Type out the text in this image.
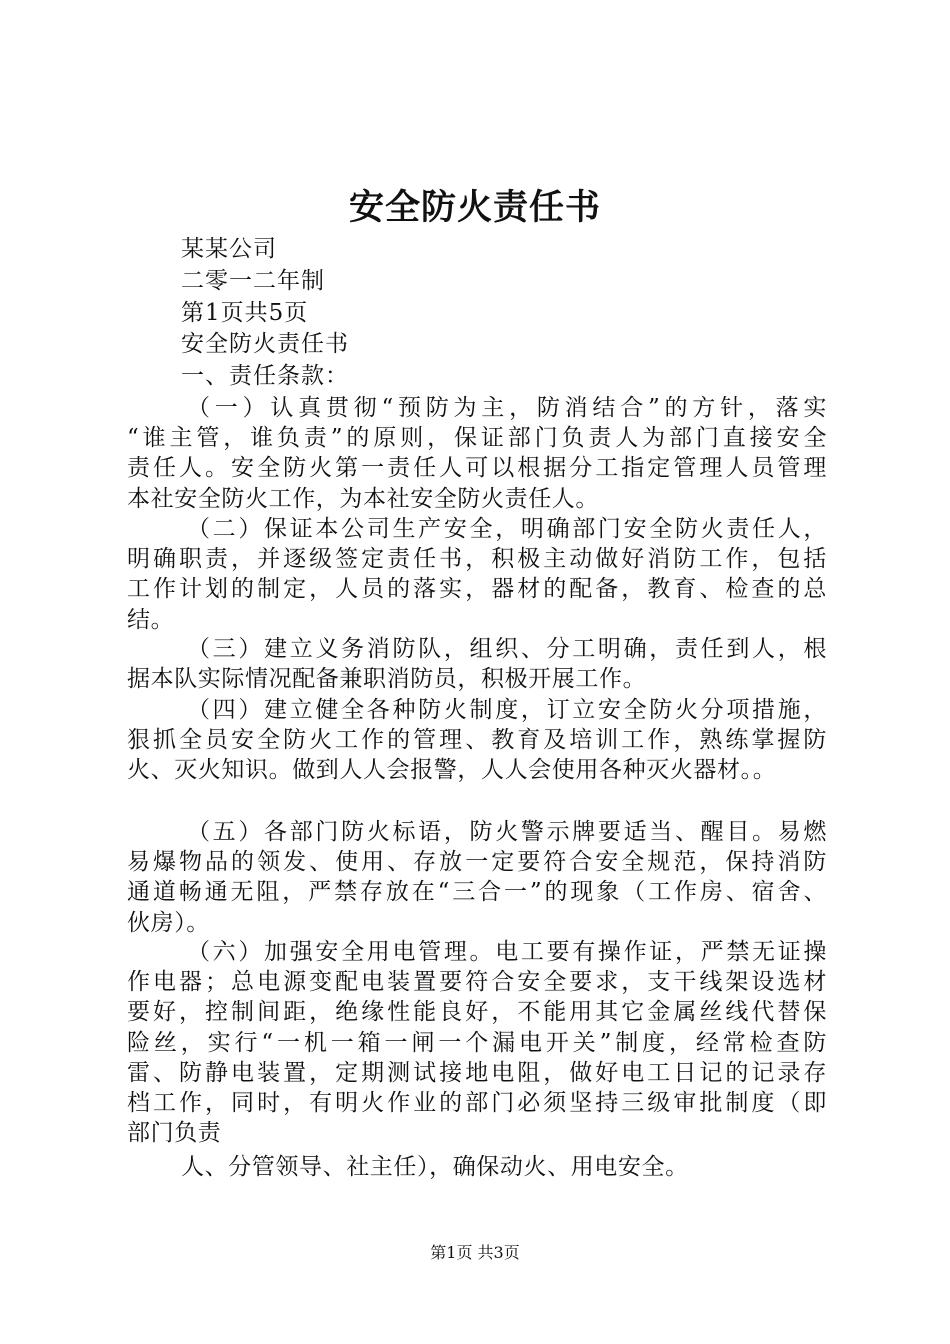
安全防火责任书
某某公司
二零一二年制
第1页共5页
安全防火责任书
一、责任条款：
（一）认真贯彻“预防为主，防消结合”的方针，落实
“谁主管，谁负责”的原则，保证部门负责人为部门直接安全
责任人。安全防火第一责任人可以根据分工指定管理人员管理
本社安全防火工作，为本社安全防火责任人。
（二）保证本公司生产安全，明确部门安全防火责任人，
明确职责，并逐级签定责任书，积极主动做好消防工作，包括
工作计划的制定，人员的落实，器材的配备，教育、检查的总
结。
（三）建立义务消防队，组织、分工明确，责任到人，根
据本队实际情况配备兼职消防员，积极开展工作。
（四）建立健全各种防火制度，订立安全防火分项措施，
狠抓全员安全防火工作的管理、教育及培训工作，熟练掌握防
火、灭火知识。做到人人会报警，人人会使用各种灭火器材。。
（五）各部门防火标语，防火警示牌要适当、醒目。易燃
易爆物品的领发、使用、存放一定要符合安全规范，保持消防
通道畅通无阻，严禁存放在“三合一”的现象（工作房、宿舍、
伙房）。
（六）加强安全用电管理。电工要有操作证，严禁无证操
作电器；总电源变配电装置要符合安全要求，支干线架设选材
要好，控制间距，绝缘性能良好，不能用其它金属丝线代替保
险丝，实行“一机一箱一闸一个漏电开关”制度，经常检查防
雷、防静电装置，定期测试接地电阻，做好电工日记的记录存
档工作，同时，有明火作业的部门必须坚持三级审批制度（即
部门负责
人、分管领导、社主任），确保动火、用电安全。
第1页 共3页
